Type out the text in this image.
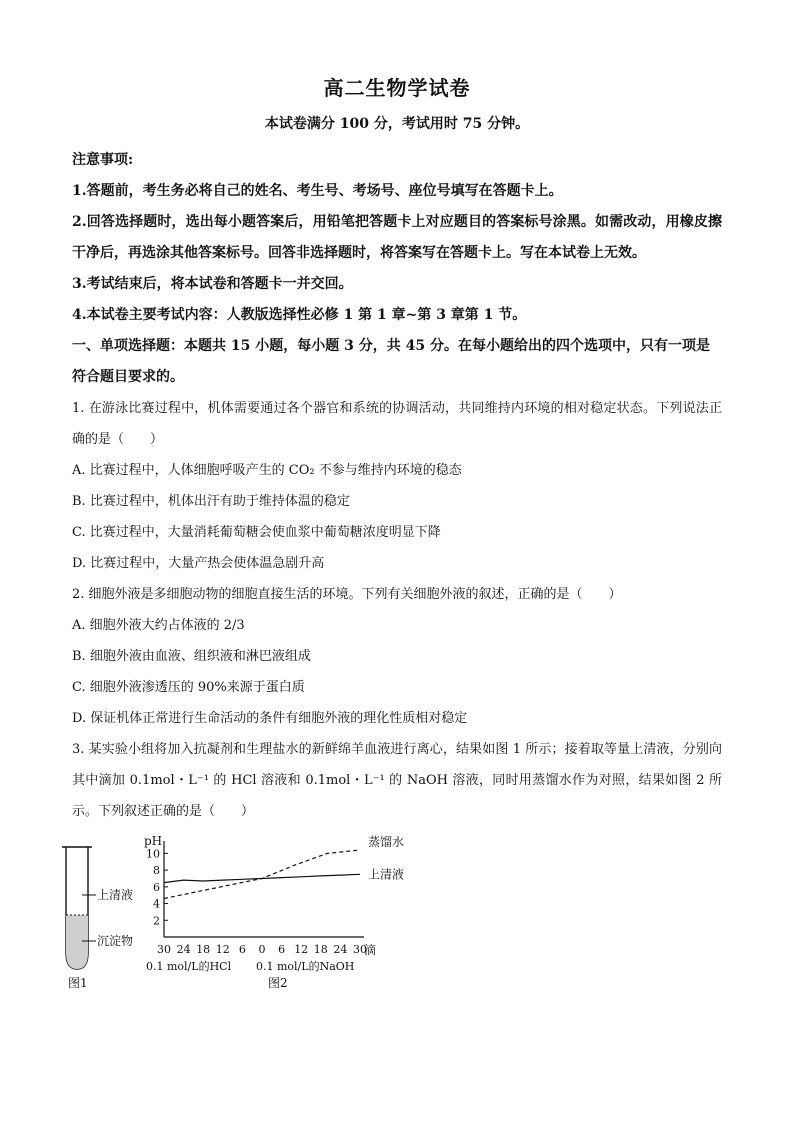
高二生物学试卷
本试卷满分 100 分，考试用时 75 分钟。
注意事项:
1.答题前，考生务必将自己的姓名、考生号、考场号、座位号填写在答题卡上。
2.回答选择题时，选出每小题答案后，用铅笔把答题卡上对应题目的答案标号涂黑。如需改动，用橡皮擦干净后，再选涂其他答案标号。回答非选择题时，将答案写在答题卡上。写在本试卷上无效。
3.考试结束后，将本试卷和答题卡一并交回。
4.本试卷主要考试内容：人教版选择性必修 1 第 1 章~第 3 章第 1 节。
一、单项选择题：本题共 15 小题，每小题 3 分，共 45 分。在每小题给出的四个选项中，只有一项是符合题目要求的。
1. 在游泳比赛过程中，机体需要通过各个器官和系统的协调活动，共同维持内环境的相对稳定状态。下列说法正确的是（　　）
A. 比赛过程中，人体细胞呼吸产生的 CO₂ 不参与维持内环境的稳态
B. 比赛过程中，机体出汗有助于维持体温的稳定
C. 比赛过程中，大量消耗葡萄糖会使血浆中葡萄糖浓度明显下降
D. 比赛过程中，大量产热会使体温急剧升高
2. 细胞外液是多细胞动物的细胞直接生活的环境。下列有关细胞外液的叙述，正确的是（　　）
A. 细胞外液大约占体液的 2/3
B. 细胞外液由血液、组织液和淋巴液组成
C. 细胞外液渗透压的 90%来源于蛋白质
D. 保证机体正常进行生命活动的条件有细胞外液的理化性质相对稳定
3. 某实验小组将加入抗凝剂和生理盐水的新鲜绵羊血液进行离心，结果如图 1 所示；接着取等量上清液，分别向其中滴加 0.1mol・L⁻¹ 的 HCl 溶液和 0.1mol・L⁻¹ 的 NaOH 溶液，同时用蒸馏水作为对照，结果如图 2 所示。下列叙述正确的是（　　）
上清液
沉淀物
图1
pH
滴
0.1 mol/L的HCl 0.1 mol/L的NaOH
图2
2
4
6
8
10
30 24 18 12 6 0 6 12 18 24 30
蒸馏水
上清液
